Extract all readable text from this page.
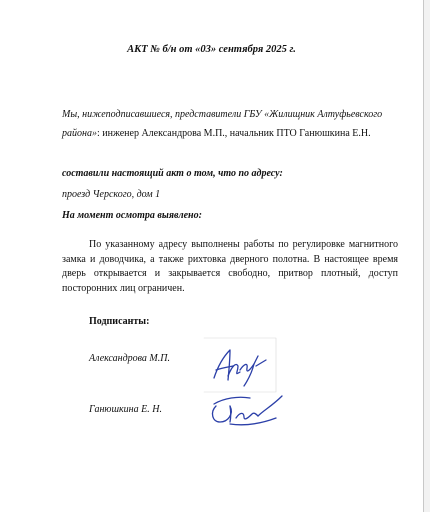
АКТ № б/н от «03» сентября 2025 г.
Мы, нижеподписавшиеся, представители ГБУ «Жилищник Алтуфьевского
района»: инженер Александрова М.П., начальник ПТО Ганюшкина Е.Н.
составили настоящий акт о том, что по адресу:
проезд Черского, дом 1
На момент осмотра выявлено:
По указанному адресу выполнены работы по регулировке магнитного замка и доводчика, а также рихтовка дверного полотна. В настоящее время дверь открывается и закрывается свободно, притвор плотный, доступ посторонних лиц ограничен.
Подписанты:
Александрова М.П.
Ганюшкина Е. Н.
